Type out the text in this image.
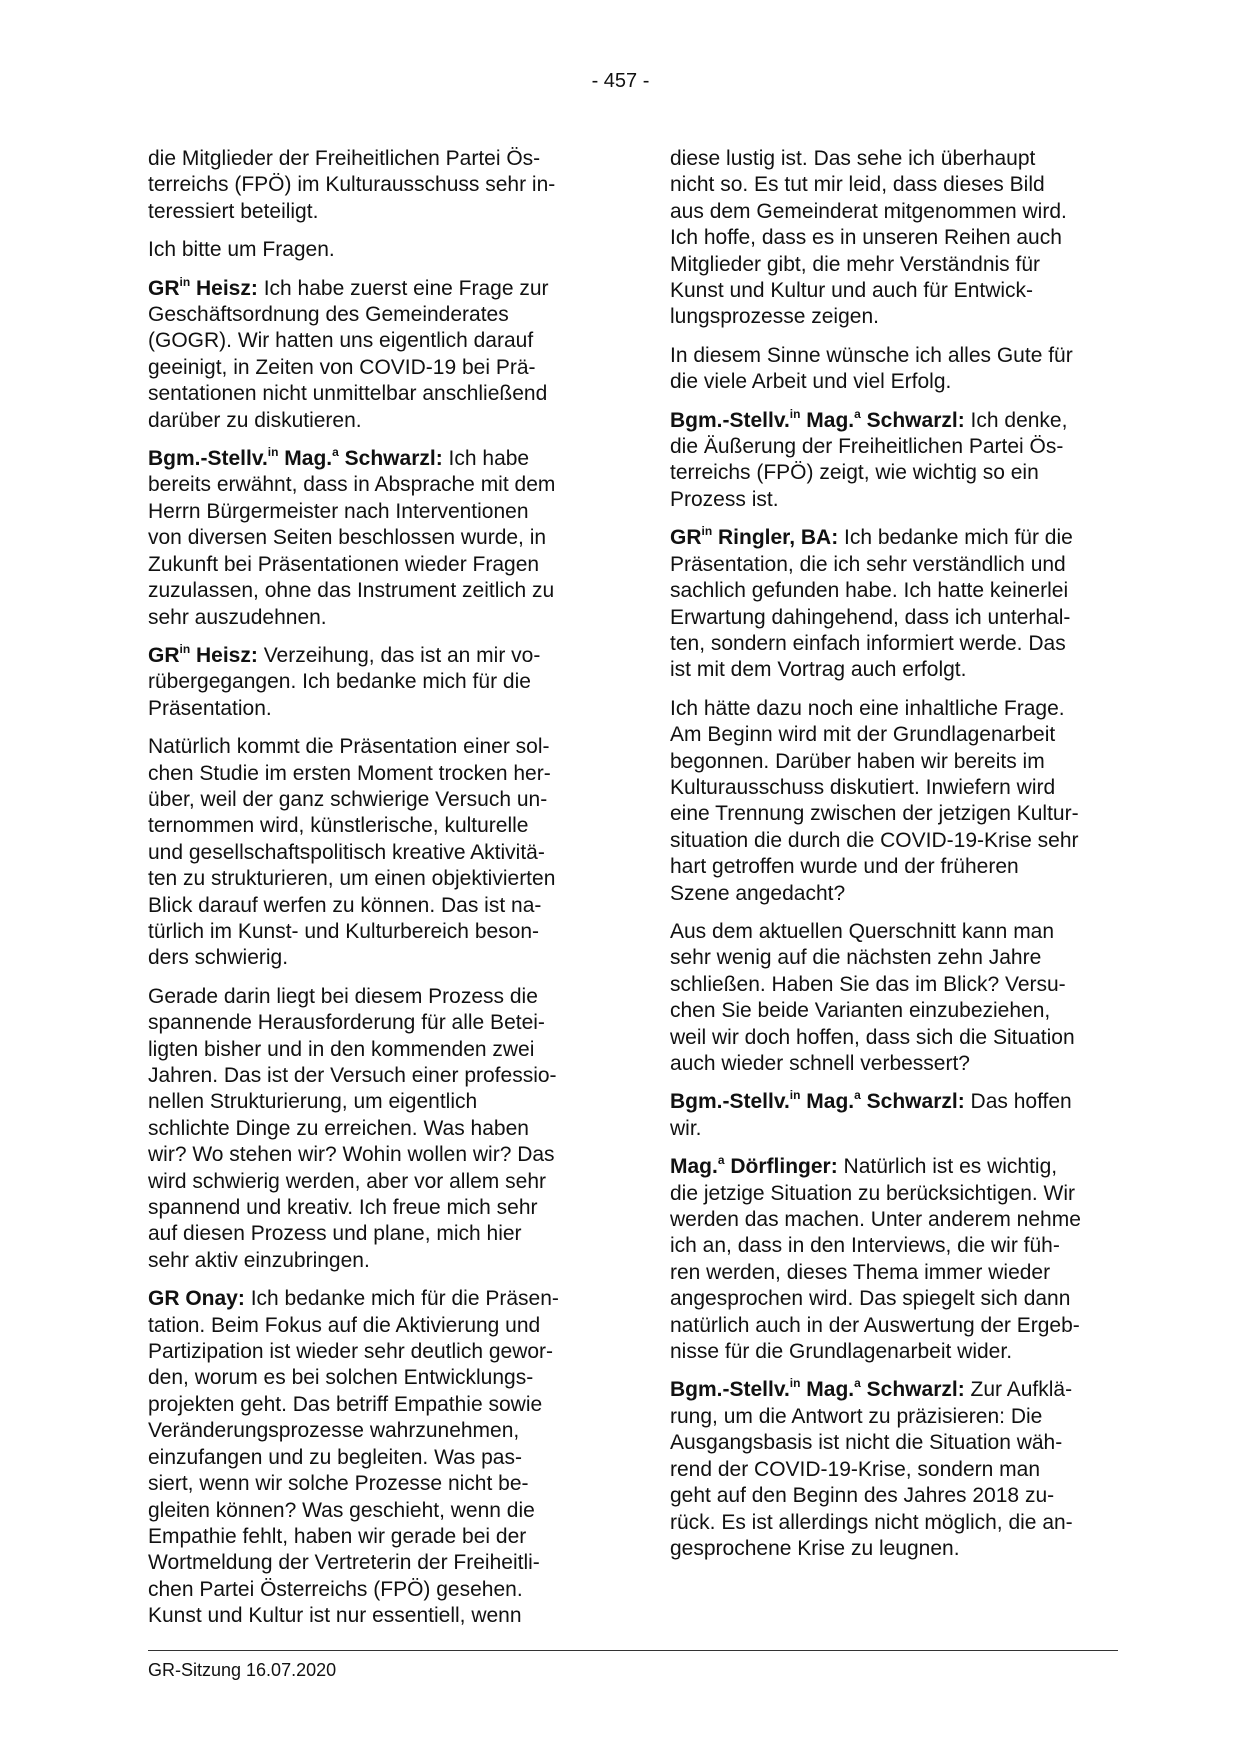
- 457 -
die Mitglieder der Freiheitlichen Partei Ös-
terreichs (FPÖ) im Kulturausschuss sehr in-
teressiert beteiligt.
Ich bitte um Fragen.
$GR^{in}$ Heisz: Ich habe zuerst eine Frage zur
Geschäftsordnung des Gemeinderates
(GOGR). Wir hatten uns eigentlich darauf
geeinigt, in Zeiten von COVID-19 bei Prä-
sentationen nicht unmittelbar anschließend
darüber zu diskutieren.
Bgm.-Stellv.$^{in}$ Mag.$^a$ Schwarzl: Ich habe
bereits erwähnt, dass in Absprache mit dem
Herrn Bürgermeister nach Interventionen
von diversen Seiten beschlossen wurde, in
Zukunft bei Präsentationen wieder Fragen
zuzulassen, ohne das Instrument zeitlich zu
sehr auszudehnen.
$GR^{in}$ Heisz: Verzeihung, das ist an mir vo-
rübergegangen. Ich bedanke mich für die
Präsentation.
Natürlich kommt die Präsentation einer sol-
chen Studie im ersten Moment trocken her-
über, weil der ganz schwierige Versuch un-
ternommen wird, künstlerische, kulturelle
und gesellschaftspolitisch kreative Aktivitä-
ten zu strukturieren, um einen objektivierten
Blick darauf werfen zu können. Das ist na-
türlich im Kunst- und Kulturbereich beson-
ders schwierig.
Gerade darin liegt bei diesem Prozess die
spannende Herausforderung für alle Betei-
ligten bisher und in den kommenden zwei
Jahren. Das ist der Versuch einer professio-
nellen Strukturierung, um eigentlich
schlichte Dinge zu erreichen. Was haben
wir? Wo stehen wir? Wohin wollen wir? Das
wird schwierig werden, aber vor allem sehr
spannend und kreativ. Ich freue mich sehr
auf diesen Prozess und plane, mich hier
sehr aktiv einzubringen.
GR Onay: Ich bedanke mich für die Präsen-
tation. Beim Fokus auf die Aktivierung und
Partizipation ist wieder sehr deutlich gewor-
den, worum es bei solchen Entwicklungs-
projekten geht. Das betriff Empathie sowie
Veränderungsprozesse wahrzunehmen,
einzufangen und zu begleiten. Was pas-
siert, wenn wir solche Prozesse nicht be-
gleiten können? Was geschieht, wenn die
Empathie fehlt, haben wir gerade bei der
Wortmeldung der Vertreterin der Freiheitli-
chen Partei Österreichs (FPÖ) gesehen.
Kunst und Kultur ist nur essentiell, wenn
diese lustig ist. Das sehe ich überhaupt
nicht so. Es tut mir leid, dass dieses Bild
aus dem Gemeinderat mitgenommen wird.
Ich hoffe, dass es in unseren Reihen auch
Mitglieder gibt, die mehr Verständnis für
Kunst und Kultur und auch für Entwick-
lungsprozesse zeigen.
In diesem Sinne wünsche ich alles Gute für
die viele Arbeit und viel Erfolg.
Bgm.-Stellv.$^{in}$ Mag.$^a$ Schwarzl: Ich denke,
die Äußerung der Freiheitlichen Partei Ös-
terreichs (FPÖ) zeigt, wie wichtig so ein
Prozess ist.
$GR^{in}$ Ringler, BA: Ich bedanke mich für die
Präsentation, die ich sehr verständlich und
sachlich gefunden habe. Ich hatte keinerlei
Erwartung dahingehend, dass ich unterhal-
ten, sondern einfach informiert werde. Das
ist mit dem Vortrag auch erfolgt.
Ich hätte dazu noch eine inhaltliche Frage.
Am Beginn wird mit der Grundlagenarbeit
begonnen. Darüber haben wir bereits im
Kulturausschuss diskutiert. Inwiefern wird
eine Trennung zwischen der jetzigen Kultur-
situation die durch die COVID-19-Krise sehr
hart getroffen wurde und der früheren
Szene angedacht?
Aus dem aktuellen Querschnitt kann man
sehr wenig auf die nächsten zehn Jahre
schließen. Haben Sie das im Blick? Versu-
chen Sie beide Varianten einzubeziehen,
weil wir doch hoffen, dass sich die Situation
auch wieder schnell verbessert?
Bgm.-Stellv.$^{in}$ Mag.$^a$ Schwarzl: Das hoffen
wir.
Mag.$^a$ Dörflinger: Natürlich ist es wichtig,
die jetzige Situation zu berücksichtigen. Wir
werden das machen. Unter anderem nehme
ich an, dass in den Interviews, die wir füh-
ren werden, dieses Thema immer wieder
angesprochen wird. Das spiegelt sich dann
natürlich auch in der Auswertung der Ergeb-
nisse für die Grundlagenarbeit wider.
Bgm.-Stellv.$^{in}$ Mag.$^a$ Schwarzl: Zur Aufklä-
rung, um die Antwort zu präzisieren: Die
Ausgangsbasis ist nicht die Situation wäh-
rend der COVID-19-Krise, sondern man
geht auf den Beginn des Jahres 2018 zu-
rück. Es ist allerdings nicht möglich, die an-
gesprochene Krise zu leugnen.
GR-Sitzung 16.07.2020
